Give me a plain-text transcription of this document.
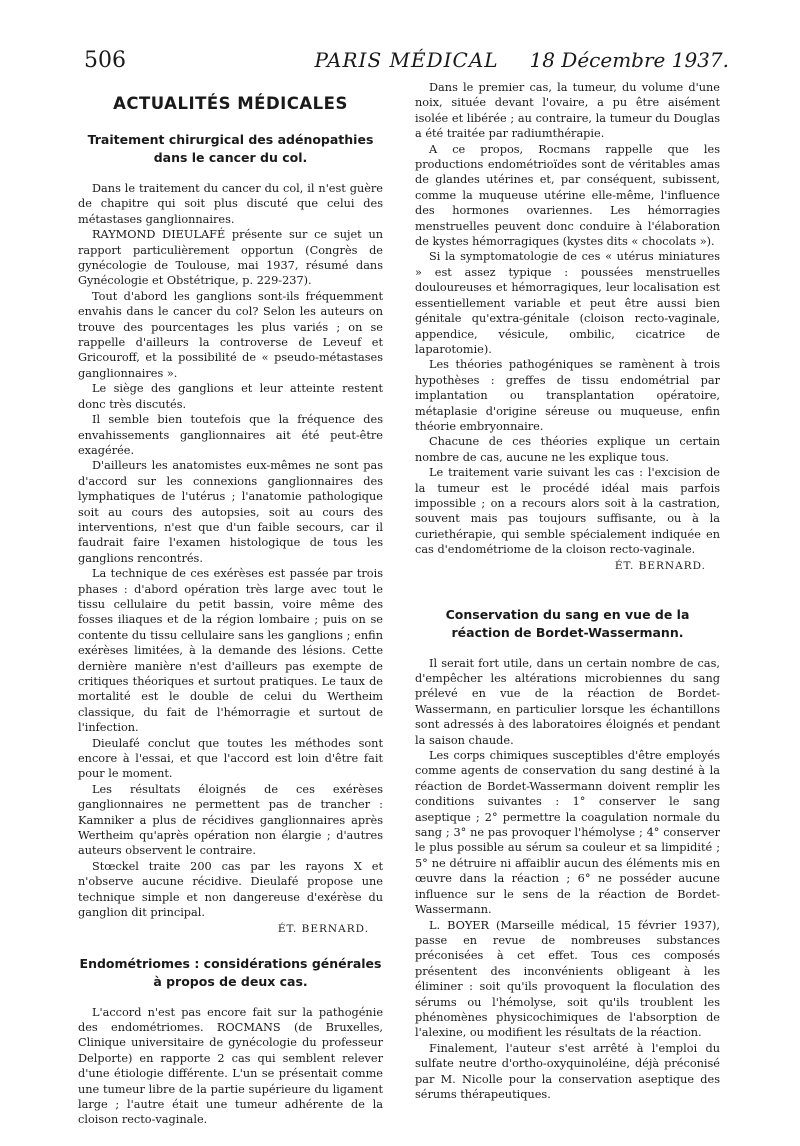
506	PARIS MÉDICAL	18 Décembre 1937.
ACTUALITÉS MÉDICALES
Traitement chirurgical des adénopathies dans le cancer du col.

Dans le traitement du cancer du col, il n'est guère de chapitre qui soit plus discuté que celui des métastases ganglionnaires.

RAYMOND DIEULAFÉ présente sur ce sujet un rapport particulièrement opportun (Congrès de gynécologie de Toulouse, mai 1937, résumé dans Gynécologie et Obstétrique, p. 229-237).

Tout d'abord les ganglions sont-ils fréquemment envahis dans le cancer du col? Selon les auteurs on trouve des pourcentages les plus variés ; on se rappelle d'ailleurs la controverse de Leveuf et Gricouroff, et la possibilité de « pseudo-métastases ganglionnaires ».

Le siège des ganglions et leur atteinte restent donc très discutés.

Il semble bien toutefois que la fréquence des envahissements ganglionnaires ait été peut-être exagérée.

D'ailleurs les anatomistes eux-mêmes ne sont pas d'accord sur les connexions ganglionnaires des lymphatiques de l'utérus ; l'anatomie pathologique soit au cours des autopsies, soit au cours des interventions, n'est que d'un faible secours, car il faudrait faire l'examen histologique de tous les ganglions rencontrés.

La technique de ces exérèses est passée par trois phases : d'abord opération très large avec tout le tissu cellulaire du petit bassin, voire même des fosses iliaques et de la région lombaire ; puis on se contente du tissu cellulaire sans les ganglions ; enfin exérèses limitées, à la demande des lésions. Cette dernière manière n'est d'ailleurs pas exempte de critiques théoriques et surtout pratiques. Le taux de mortalité est le double de celui du Wertheim classique, du fait de l'hémorragie et surtout de l'infection.

Dieulafé conclut que toutes les méthodes sont encore à l'essai, et que l'accord est loin d'être fait pour le moment.

Les résultats éloignés de ces exérèses ganglionnaires ne permettent pas de trancher : Kamniker a plus de récidives ganglionnaires après Wertheim qu'après opération non élargie ; d'autres auteurs observent le contraire.

Stœckel traite 200 cas par les rayons X et n'observe aucune récidive. Dieulafé propose une technique simple et non dangereuse d'exérèse du ganglion dit principal.

ÉT. BERNARD.
Endométriomes : considérations générales à propos de deux cas.

L'accord n'est pas encore fait sur la pathogénie des endométriomes. ROCMANS (de Bruxelles, Clinique universitaire de gynécologie du professeur Delporte) en rapporte 2 cas qui semblent relever d'une étiologie différente. L'un se présentait comme une tumeur libre de la partie supérieure du ligament large ; l'autre était une tumeur adhérente de la cloison recto-vaginale.

Dans le premier cas, la tumeur, du volume d'une noix, située devant l'ovaire, a pu être aisément isolée et libérée ; au contraire, la tumeur du Douglas a été traitée par radiumthérapie.

A ce propos, Rocmans rappelle que les productions endométrioïdes sont de véritables amas de glandes utérines et, par conséquent, subissent, comme la muqueuse utérine elle-même, l'influence des hormones ovariennes. Les hémorragies menstruelles peuvent donc conduire à l'élaboration de kystes hémorragiques (kystes dits « chocolats »).

Si la symptomatologie de ces « utérus miniatures » est assez typique : poussées menstruelles douloureuses et hémorragiques, leur localisation est essentiellement variable et peut être aussi bien génitale qu'extra-génitale (cloison recto-vaginale, appendice, vésicule, ombilic, cicatrice de laparotomie).

Les théories pathogéniques se ramènent à trois hypothèses : greffes de tissu endométrial par implantation ou transplantation opératoire, métaplasie d'origine séreuse ou muqueuse, enfin théorie embryonnaire.

Chacune de ces théories explique un certain nombre de cas, aucune ne les explique tous.

Le traitement varie suivant les cas : l'excision de la tumeur est le procédé idéal mais parfois impossible ; on a recours alors soit à la castration, souvent mais pas toujours suffisante, ou à la curiethérapie, qui semble spécialement indiquée en cas d'endométriome de la cloison recto-vaginale.

ÉT. BERNARD.
Conservation du sang en vue de la réaction de Bordet-Wassermann.

Il serait fort utile, dans un certain nombre de cas, d'empêcher les altérations microbiennes du sang prélevé en vue de la réaction de Bordet-Wassermann, en particulier lorsque les échantillons sont adressés à des laboratoires éloignés et pendant la saison chaude.

Les corps chimiques susceptibles d'être employés comme agents de conservation du sang destiné à la réaction de Bordet-Wassermann doivent remplir les conditions suivantes : 1° conserver le sang aseptique ; 2° permettre la coagulation normale du sang ; 3° ne pas provoquer l'hémolyse ; 4° conserver le plus possible au sérum sa couleur et sa limpidité ; 5° ne détruire ni affaiblir aucun des éléments mis en œuvre dans la réaction ; 6° ne posséder aucune influence sur le sens de la réaction de Bordet-Wassermann.

L. BOYER (Marseille médical, 15 février 1937), passe en revue de nombreuses substances préconisées à cet effet. Tous ces composés présentent des inconvénients obligeant à les éliminer : soit qu'ils provoquent la floculation des sérums ou l'hémolyse, soit qu'ils troublent les phénomènes physicochimiques de l'absorption de l'alexine, ou modifient les résultats de la réaction.

Finalement, l'auteur s'est arrêté à l'emploi du sulfate neutre d'ortho-oxyquinoléine, déjà préconisé par M. Nicolle pour la conservation aseptique des sérums thérapeutiques.
